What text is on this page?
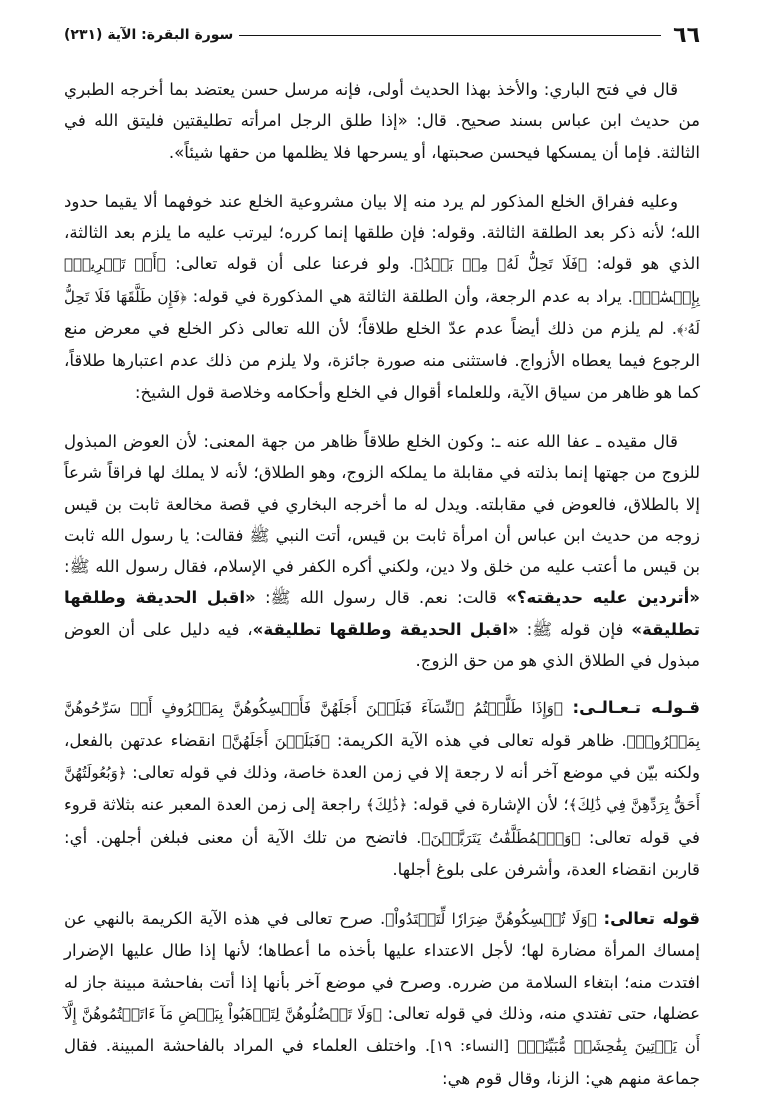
٦٦
سورة البقرة: الآية (٢٣١)

قال في فتح الباري: والأخذ بهذا الحديث أولى، فإنه مرسل حسن يعتضد بما أخرجه الطبري من حديث ابن عباس بسند صحيح. قال: «إذا طلق الرجل امرأته تطليقتين فليتق الله في الثالثة. فإما أن يمسكها فيحسن صحبتها، أو يسرحها فلا يظلمها من حقها شيئاً».

وعليه ففراق الخلع المذكور لم يرد منه إلا بيان مشروعية الخلع عند خوفهما ألا يقيما حدود الله؛ لأنه ذكر بعد الطلقة الثالثة. وقوله: فإن طلقها إنما كرره؛ ليرتب عليه ما يلزم بعد الثالثة، الذي هو قوله: ﴿فَلَا تَحِلُّ لَهُۥ مِنۢ بَعۡدُ﴾. ولو فرعنا على أن قوله تعالى: ﴿أَوۡ تَسۡرِيحُۢ بِإِحۡسَٰنٖ﴾. يراد به عدم الرجعة، وأن الطلقة الثالثة هي المذكورة في قوله: ﴿فَإِن طَلَّقَهَا فَلَا تَحِلُّ لَهُۥ﴾. لم يلزم من ذلك أيضاً عدم عدّ الخلع طلاقاً؛ لأن الله تعالى ذكر الخلع في معرض منع الرجوع فيما يعطاه الأزواج. فاستثنى منه صورة جائزة، ولا يلزم من ذلك عدم اعتبارها طلاقاً، كما هو ظاهر من سياق الآية، وللعلماء أقوال في الخلع وأحكامه وخلاصة قول الشيخ:

قال مقيده ـ عفا الله عنه ـ: وكون الخلع طلاقاً ظاهر من جهة المعنى: لأن العوض المبذول للزوج من جهتها إنما بذلته في مقابلة ما يملكه الزوج، وهو الطلاق؛ لأنه لا يملك لها فراقاً شرعاً إلا بالطلاق، فالعوض في مقابلته. ويدل له ما أخرجه البخاري في قصة مخالعة ثابت بن قيس زوجه من حديث ابن عباس أن امرأة ثابت بن قيس، أتت النبي ﷺ فقالت: يا رسول الله ثابت بن قيس ما أعتب عليه من خلق ولا دين، ولكني أكره الكفر في الإسلام، فقال رسول الله ﷺ: «أتردين عليه حديقته؟» قالت: نعم. قال رسول الله ﷺ: «اقبل الحديقة وطلقها تطليقة» فإن قوله ﷺ: «اقبل الحديقة وطلقها تطليقة»، فيه دليل على أن العوض مبذول في الطلاق الذي هو من حق الزوج.

قـولـه تـعـالـى: ﴿وَإِذَا طَلَّقۡتُمُ ٱلنِّسَآءَ فَبَلَغۡنَ أَجَلَهُنَّ فَأَمۡسِكُوهُنَّ بِمَعۡرُوفٍ أَوۡ سَرِّحُوهُنَّ بِمَعۡرُوفٖ﴾. ظاهر قوله تعالى في هذه الآية الكريمة: ﴿فَبَلَغۡنَ أَجَلَهُنَّ﴾ انقضاء عدتهن بالفعل، ولكنه بيّن في موضع آخر أنه لا رجعة إلا في زمن العدة خاصة، وذلك في قوله تعالى: ﴿وَبُعُولَتُهُنَّ أَحَقُّ بِرَدِّهِنَّ فِي ذَٰلِكَ﴾؛ لأن الإشارة في قوله: ﴿ذَٰلِكَ﴾ راجعة إلى زمن العدة المعبر عنه بثلاثة قروء في قوله تعالى: ﴿وَٱلۡمُطَلَّقَٰتُ يَتَرَبَّصۡنَ﴾. فاتضح من تلك الآية أن معنى فبلغن أجلهن. أي: قاربن انقضاء العدة، وأشرفن على بلوغ أجلها.

قوله تعالى: ﴿وَلَا تُمۡسِكُوهُنَّ ضِرَارٗا لِّتَعۡتَدُواْ﴾. صرح تعالى في هذه الآية الكريمة بالنهي عن إمساك المرأة مضارة لها؛ لأجل الاعتداء عليها بأخذه ما أعطاها؛ لأنها إذا طال عليها الإضرار افتدت منه؛ ابتغاء السلامة من ضرره. وصرح في موضع آخر بأنها إذا أتت بفاحشة مبينة جاز له عضلها، حتى تفتدي منه، وذلك في قوله تعالى: ﴿وَلَا تَعۡضُلُوهُنَّ لِتَذۡهَبُواْ بِبَعۡضِ مَآ ءَاتَيۡتُمُوهُنَّ إِلَّآ أَن يَأۡتِينَ بِفَٰحِشَةٖ مُّبَيِّنَةٖ﴾ [النساء: ١٩]. واختلف العلماء في المراد بالفاحشة المبينة. فقال جماعة منهم هي: الزنا، وقال قوم هي:
